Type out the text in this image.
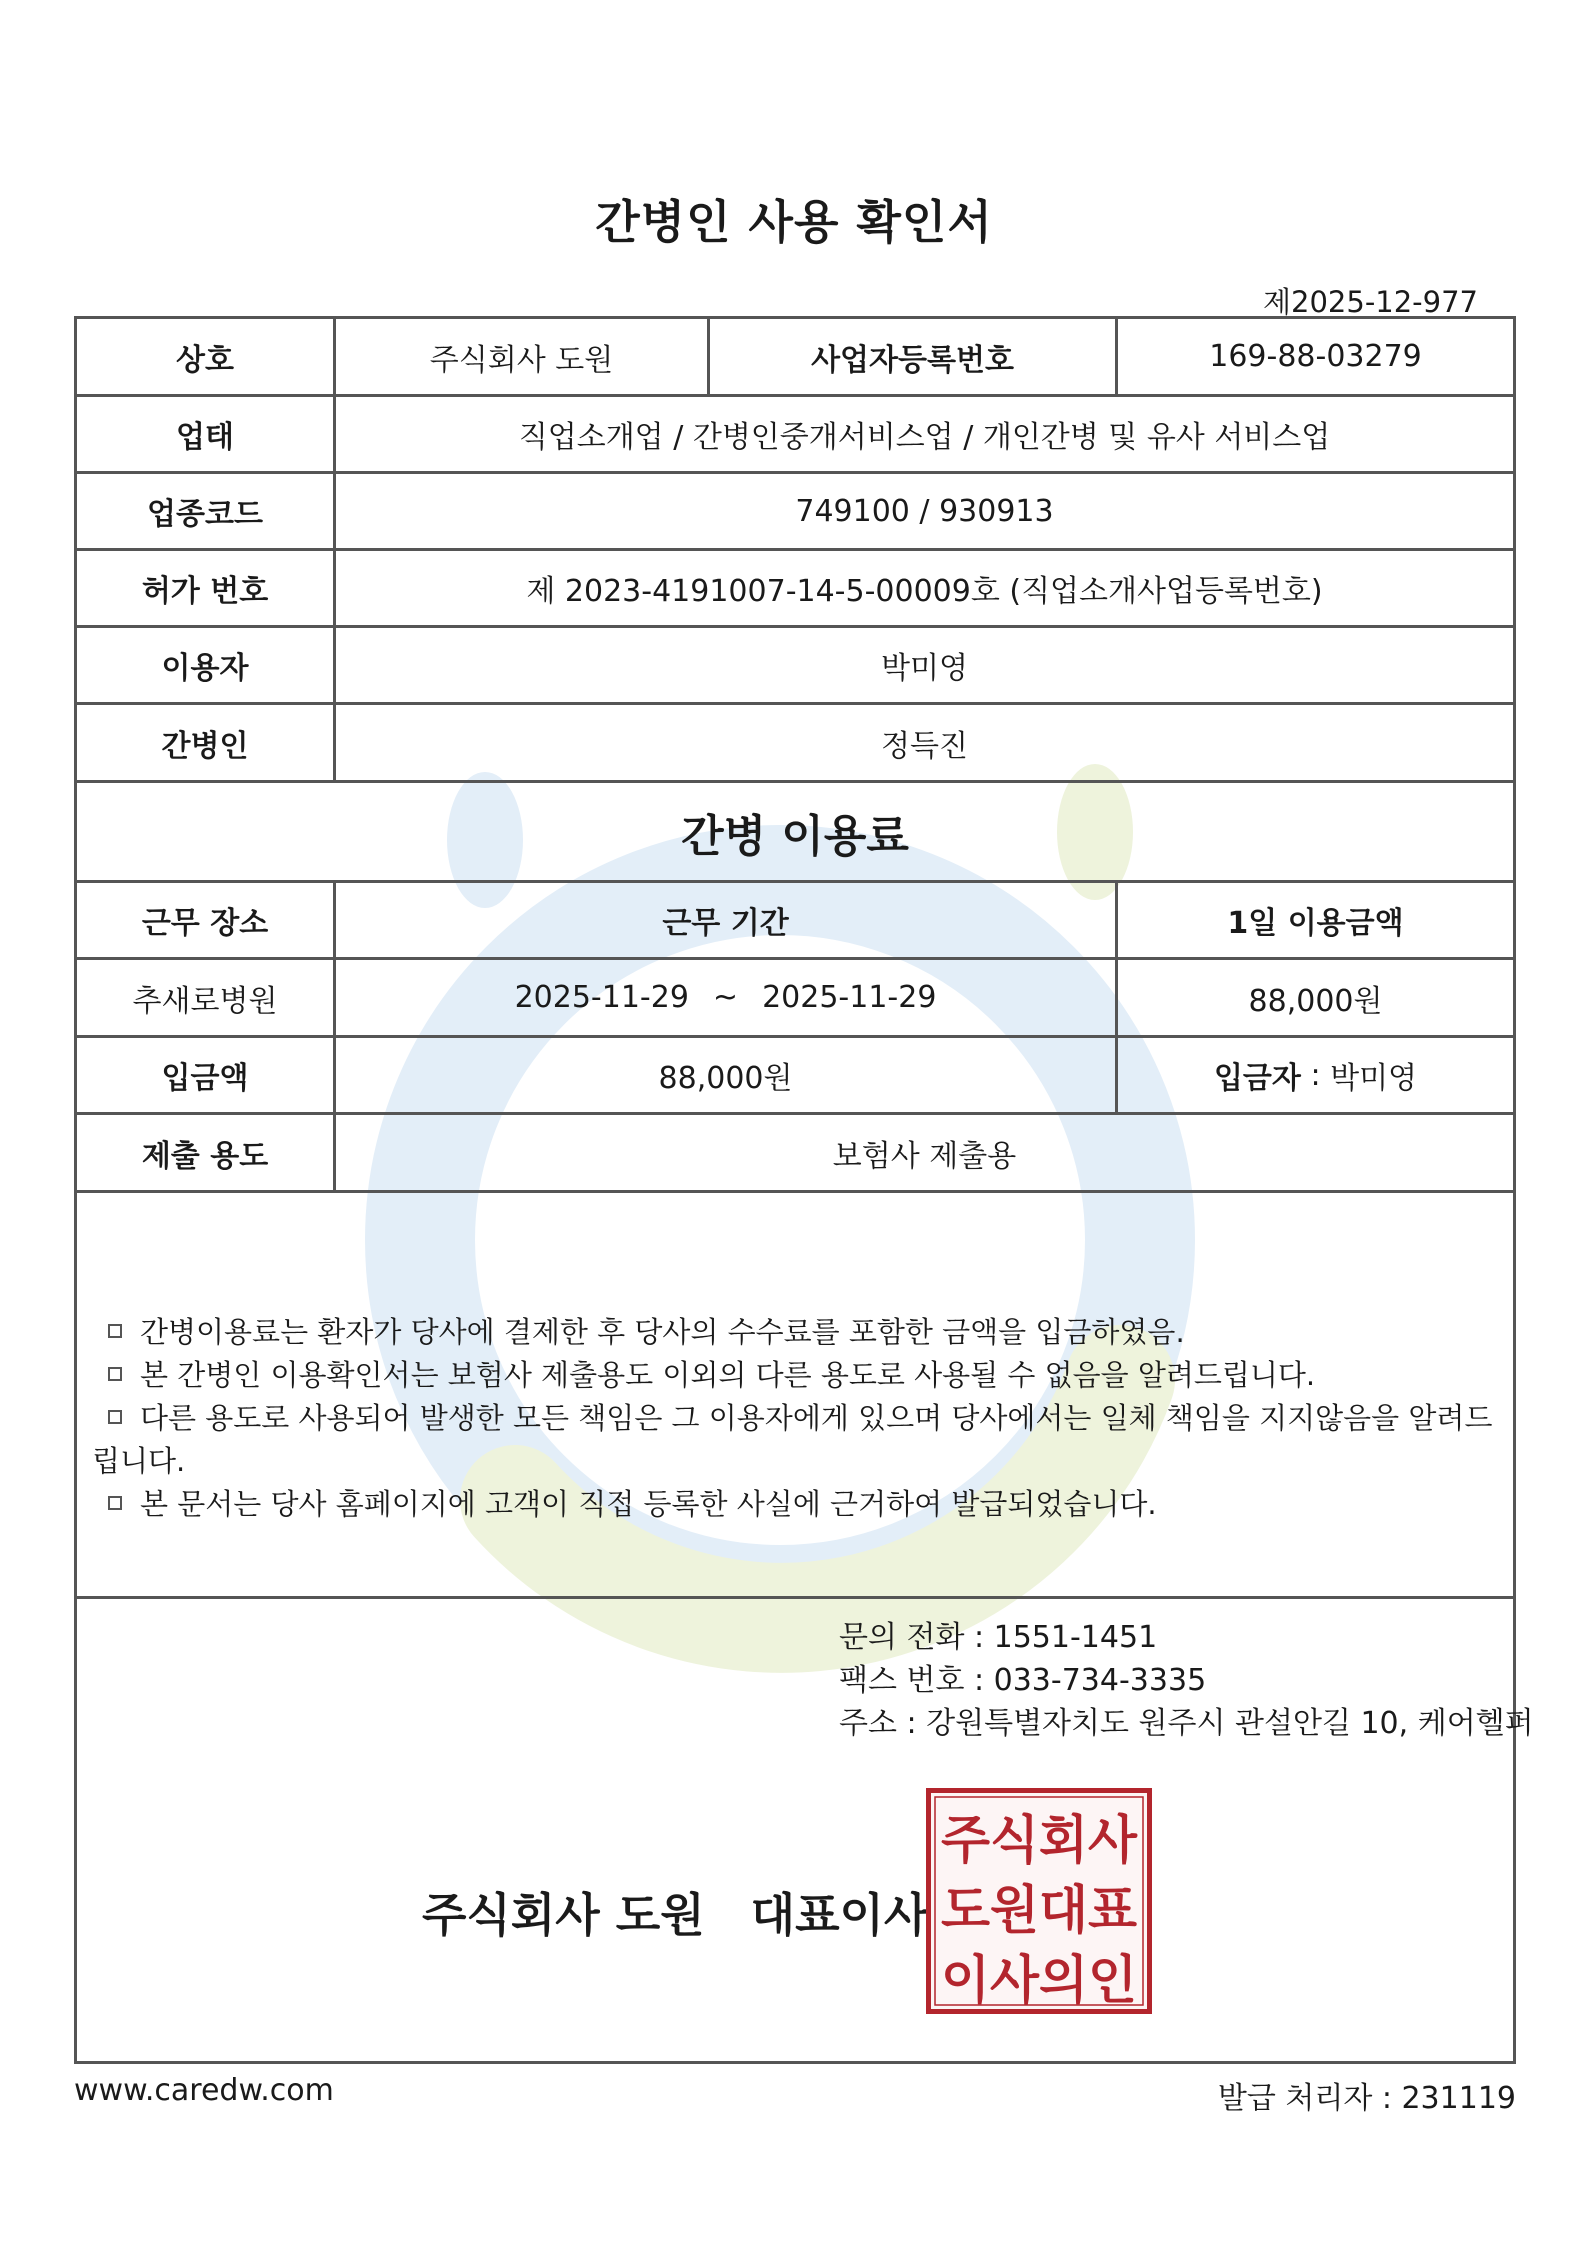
간병인 사용 확인서
제2025-12-977
상호	주식회사 도원	사업자등록번호	169-88-03279
업태	직업소개업 / 간병인중개서비스업 / 개인간병 및 유사 서비스업
업종코드	749100 / 930913
허가 번호	제 2023-4191007-14-5-00009호 (직업소개사업등록번호)
이용자	박미영
간병인	정득진
간병 이용료
근무 장소	근무 기간	1일 이용금액
추새로병원	2025-11-29 ~ 2025-11-29	88,000원
입금액	88,000원	입금자 : 박미영
제출 용도	보험사 제출용
간병이용료는 환자가 당사에 결제한 후 당사의 수수료를 포함한 금액을 입금하였음.
본 간병인 이용확인서는 보험사 제출용도 이외의 다른 용도로 사용될 수 없음을 알려드립니다.
다른 용도로 사용되어 발생한 모든 책임은 그 이용자에게 있으며 당사에서는 일체 책임을 지지않음을 알려드
립니다.
본 문서는 당사 홈페이지에 고객이 직접 등록한 사실에 근거하여 발급되었습니다.
문의 전화 : 1551-1451
팩스 번호 : 033-734-3335
주소 : 강원특별자치도 원주시 관설안길 10, 케어헬퍼
주식회사 도원 대표이사
주식회사
도원대표
이사의인
www.caredw.com	발급 처리자 : 231119
